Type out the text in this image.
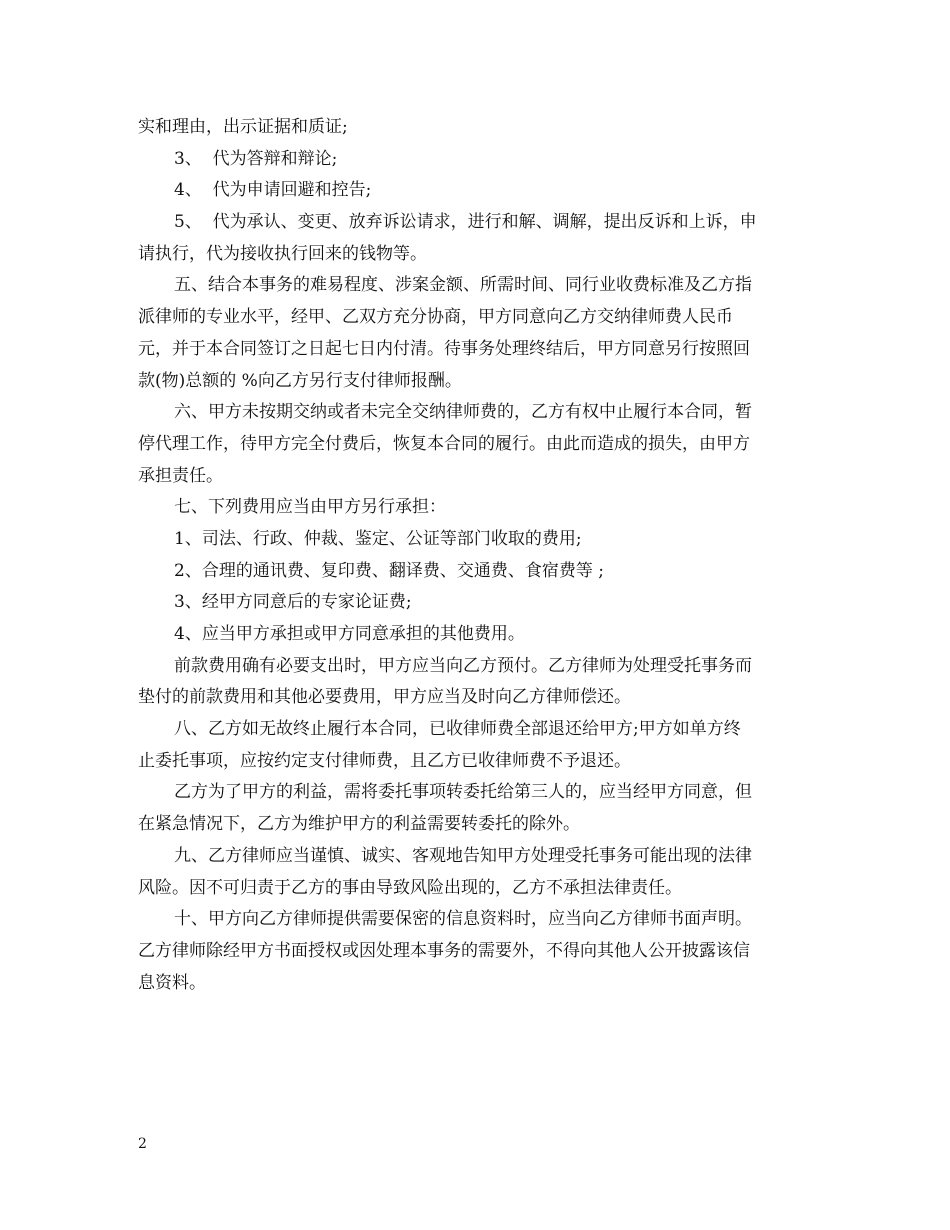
实和理由，出示证据和质证;
3、  代为答辩和辩论;
4、  代为申请回避和控告;
5、  代为承认、变更、放弃诉讼请求，进行和解、调解，提出反诉和上诉，申
请执行，代为接收执行回来的钱物等。
五、结合本事务的难易程度、涉案金额、所需时间、同行业收费标准及乙方指
派律师的专业水平，经甲、乙双方充分协商，甲方同意向乙方交纳律师费人民币
元，并于本合同签订之日起七日内付清。待事务处理终结后，甲方同意另行按照回
款(物)总额的 %向乙方另行支付律师报酬。
六、甲方未按期交纳或者未完全交纳律师费的，乙方有权中止履行本合同，暂
停代理工作，待甲方完全付费后，恢复本合同的履行。由此而造成的损失，由甲方
承担责任。
七、下列费用应当由甲方另行承担：
1、司法、行政、仲裁、鉴定、公证等部门收取的费用;
2、合理的通讯费、复印费、翻译费、交通费、食宿费等 ;
3、经甲方同意后的专家论证费;
4、应当甲方承担或甲方同意承担的其他费用。
前款费用确有必要支出时，甲方应当向乙方预付。乙方律师为处理受托事务而
垫付的前款费用和其他必要费用，甲方应当及时向乙方律师偿还。
八、乙方如无故终止履行本合同，已收律师费全部退还给甲方;甲方如单方终
止委托事项，应按约定支付律师费，且乙方已收律师费不予退还。
乙方为了甲方的利益，需将委托事项转委托给第三人的，应当经甲方同意，但
在紧急情况下，乙方为维护甲方的利益需要转委托的除外。
九、乙方律师应当谨慎、诚实、客观地告知甲方处理受托事务可能出现的法律
风险。因不可归责于乙方的事由导致风险出现的，乙方不承担法律责任。
十、甲方向乙方律师提供需要保密的信息资料时，应当向乙方律师书面声明。
乙方律师除经甲方书面授权或因处理本事务的需要外，不得向其他人公开披露该信
息资料。
2
